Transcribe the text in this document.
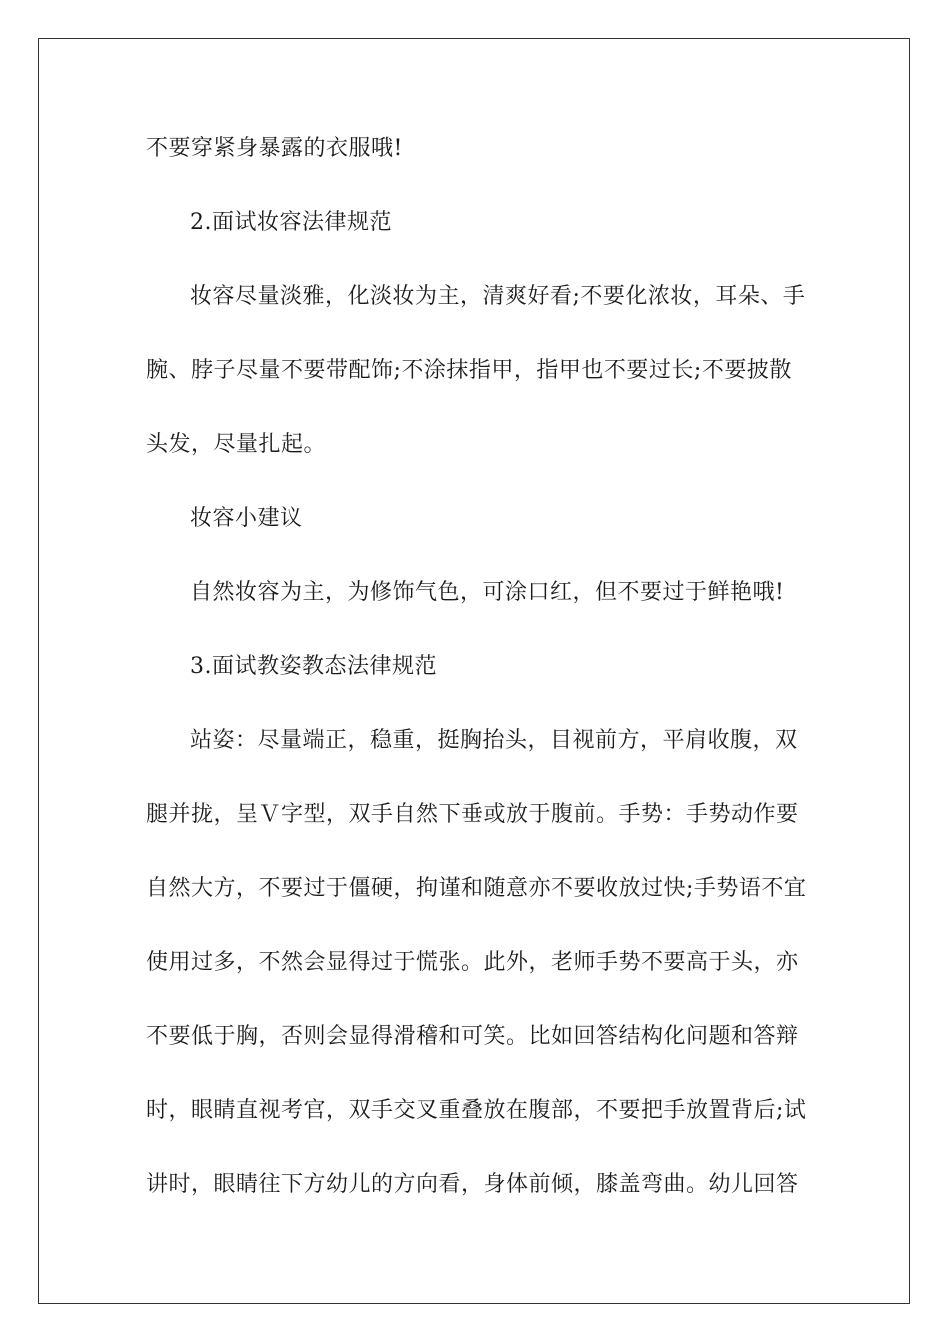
不要穿紧身暴露的衣服哦!
2.面试妆容法律规范
妆容尽量淡雅，化淡妆为主，清爽好看;不要化浓妆，耳朵、手
腕、脖子尽量不要带配饰;不涂抹指甲，指甲也不要过长;不要披散
头发，尽量扎起。
妆容小建议
自然妆容为主，为修饰气色，可涂口红，但不要过于鲜艳哦!
3.面试教姿教态法律规范
站姿：尽量端正，稳重，挺胸抬头，目视前方，平肩收腹，双
腿并拢，呈Ｖ字型，双手自然下垂或放于腹前。手势：手势动作要
自然大方，不要过于僵硬，拘谨和随意亦不要收放过快;手势语不宜
使用过多，不然会显得过于慌张。此外，老师手势不要高于头，亦
不要低于胸，否则会显得滑稽和可笑。比如回答结构化问题和答辩
时，眼睛直视考官，双手交叉重叠放在腹部，不要把手放置背后;试
讲时，眼睛往下方幼儿的方向看，身体前倾，膝盖弯曲。幼儿回答
